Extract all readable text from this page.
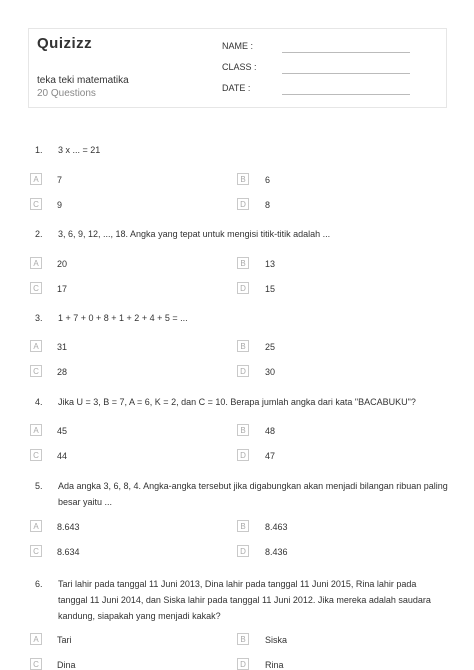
Quizizz
teka teki matematika
20 Questions
NAME :
CLASS :
DATE :
1. 3 x ... = 21
A	7	B	6
C	9	D	8
2. 3, 6, 9, 12, ..., 18. Angka yang tepat untuk mengisi titik-titik adalah ...
A	20	B	13
C	17	D	15
3. 1 + 7 + 0 + 8 + 1 + 2 + 4 + 5 = ...
A	31	B	25
C	28	D	30
4. Jika U = 3, B = 7, A = 6, K = 2, dan C = 10. Berapa jumlah angka dari kata "BACABUKU"?
A	45	B	48
C	44	D	47
5. Ada angka 3, 6, 8, 4. Angka-angka tersebut jika digabungkan akan menjadi bilangan ribuan paling besar yaitu ...
A	8.643	B	8.463
C	8.634	D	8.436
6. Tari lahir pada tanggal 11 Juni 2013, Dina lahir pada tanggal 11 Juni 2015, Rina lahir pada tanggal 11 Juni 2014, dan Siska lahir pada tanggal 11 Juni 2012. Jika mereka adalah saudara kandung, siapakah yang menjadi kakak?
A	Tari	B	Siska
C	Dina	D	Rina
